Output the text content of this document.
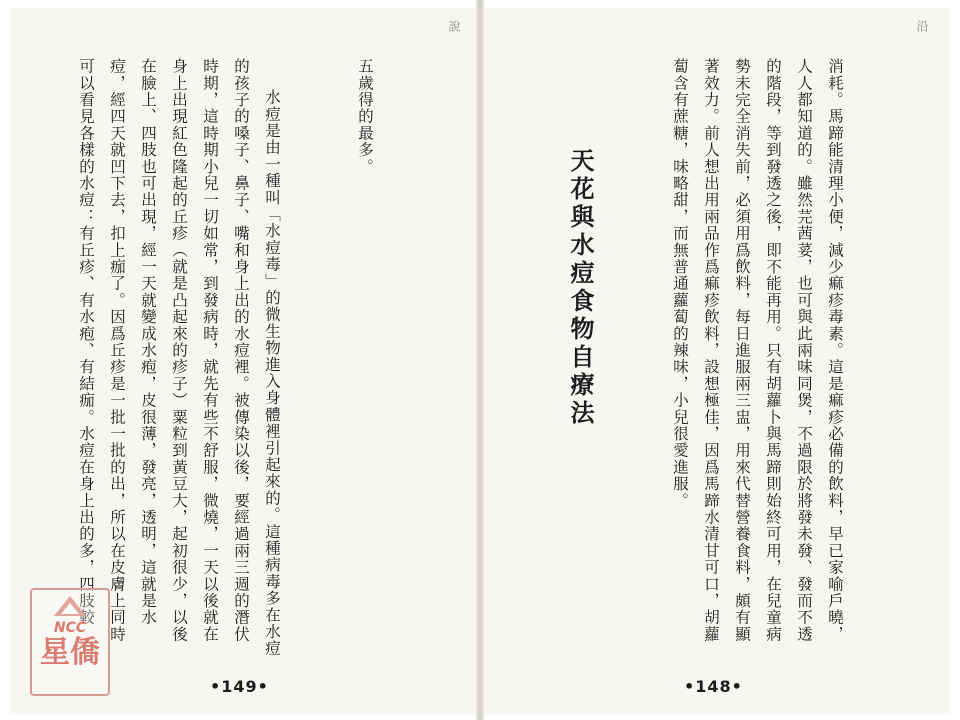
說

五歲得的最多。

水痘是由一種叫「水痘毒」的微生物進入身體裡引起來的。這種病毒多在水痘的孩子的嗓子、鼻子、嘴和身上出的水痘裡。被傳染以後，要經過兩三週的潛伏時期，這時期小兒一切如常，到發病時，就先有些不舒服，微燒，一天以後就在身上出現紅色隆起的丘疹（就是凸起來的疹子）粟粒到黃豆大，起初很少，以後在臉上、四肢也可出現，經一天就變成水疱，皮很薄，發亮，透明，這就是水痘，經四天就凹下去，扣上痂了。因爲丘疹是一批一批的出，所以在皮膚上同時可以看見各樣的水痘：有丘疹、有水疱、有結痂。水痘在身上出的多，四肢較

•149•
沿

消耗。馬蹄能清理小便，減少痲疹毒素。這是痲疹必備的飲料，早已家喻戶曉，人人都知道的。雖然芫茜荽，也可與此兩味同煲，不過限於將發未發、發而不透的階段，等到發透之後，即不能再用。只有胡蘿卜與馬蹄則始終可用，在兒童病勢未完全消失前，必須用爲飲料，每日進服兩三盅，用來代替營養食料，頗有顯著效力。前人想出用兩品作爲痲疹飲料，設想極佳，因爲馬蹄水清甘可口，胡蘿蔔含有蔗糖，味略甜，而無普通蘿蔔的辣味，小兒很愛進服。

天花與水痘食物自療法

•148•
NCC
星僑
